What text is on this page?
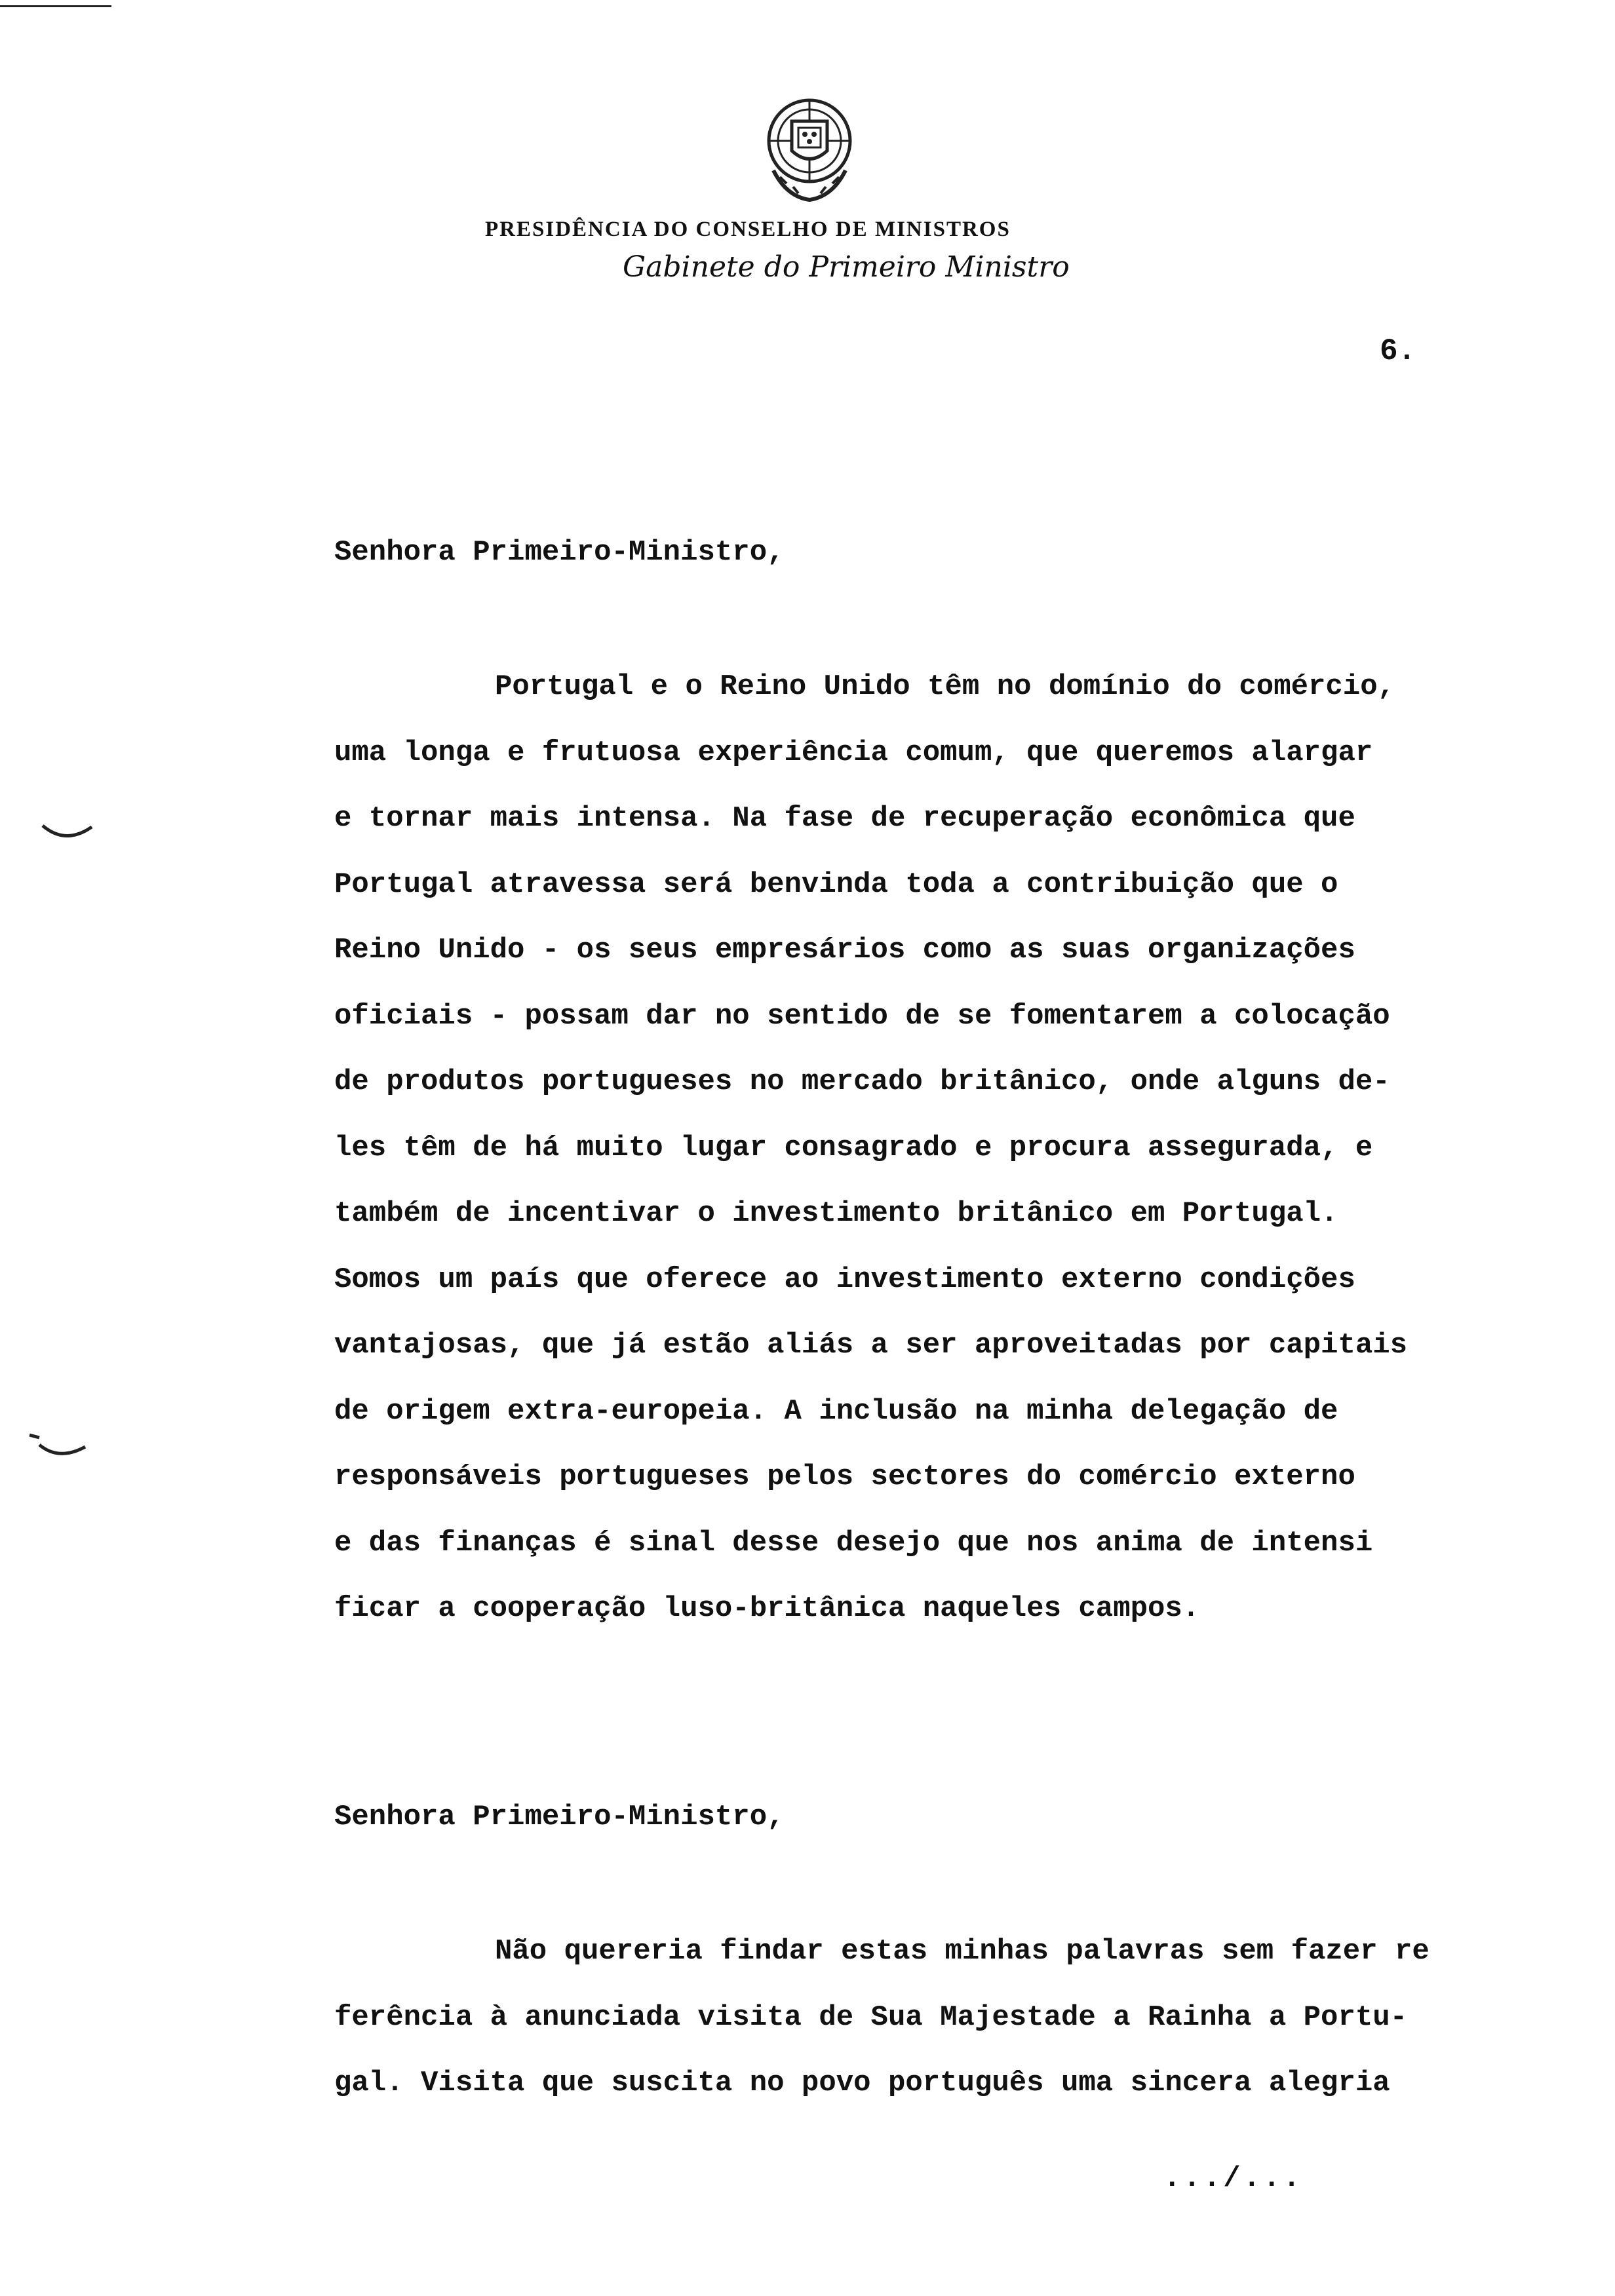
PRESIDÊNCIA DO CONSELHO DE MINISTROS
Gabinete do Primeiro Ministro
6.
Senhora Primeiro-Ministro,
Portugal e o Reino Unido têm no domínio do comércio,
uma longa e frutuosa experiência comum, que queremos alargar
e tornar mais intensa. Na fase de recuperação econômica que
Portugal atravessa será benvinda toda a contribuição que o
Reino Unido - os seus empresários como as suas organizações
oficiais - possam dar no sentido de se fomentarem a colocação
de produtos portugueses no mercado britânico, onde alguns de-
les têm de há muito lugar consagrado e procura assegurada, e
também de incentivar o investimento britânico em Portugal.
Somos um país que oferece ao investimento externo condições
vantajosas, que já estão aliás a ser aproveitadas por capitais
de origem extra-europeia. A inclusão na minha delegação de
responsáveis portugueses pelos sectores do comércio externo
e das finanças é sinal desse desejo que nos anima de intensi
ficar a cooperação luso-britânica naqueles campos.
Senhora Primeiro-Ministro,
Não quereria findar estas minhas palavras sem fazer re
ferência à anunciada visita de Sua Majestade a Rainha a Portu-
gal. Visita que suscita no povo português uma sincera alegria
.../...
